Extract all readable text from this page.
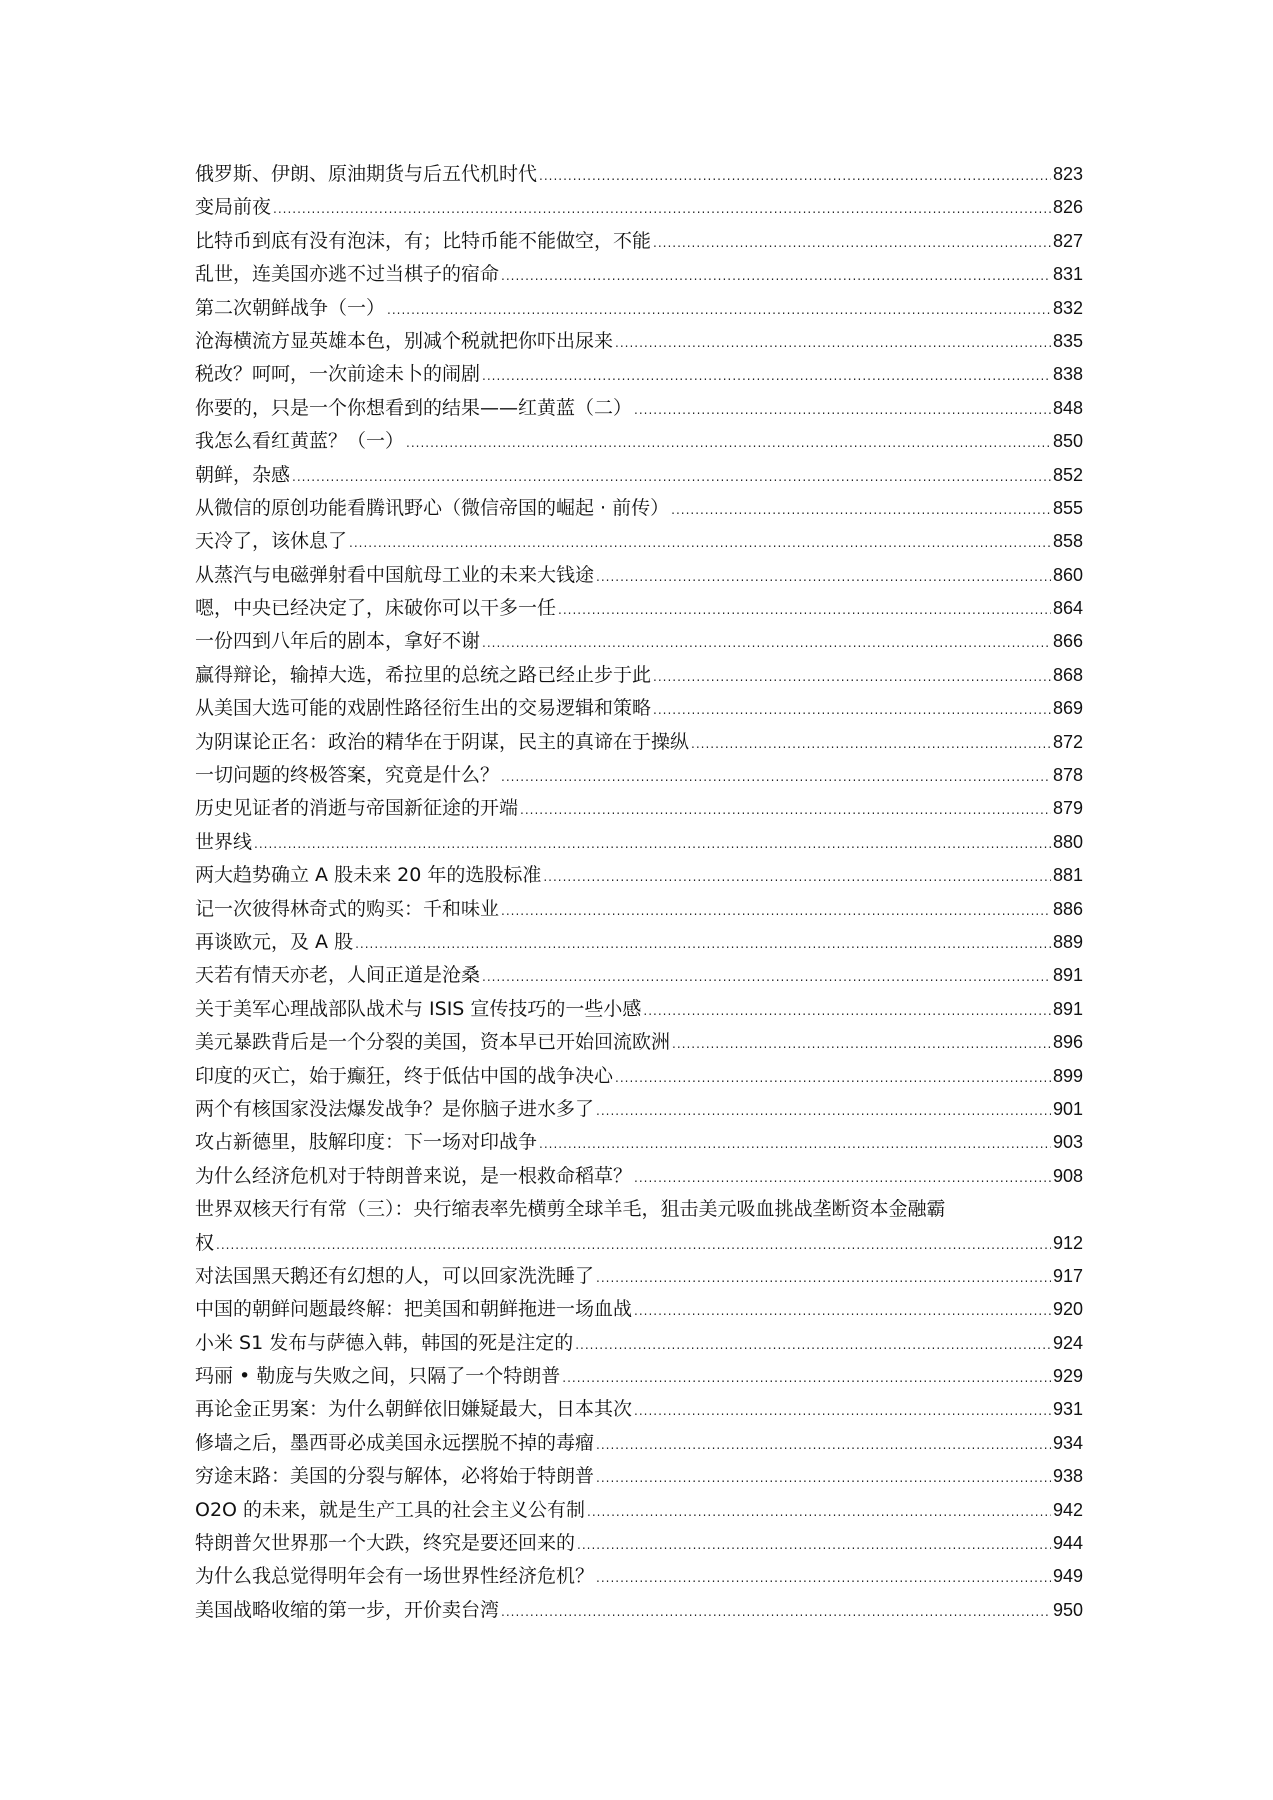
俄罗斯、伊朗、原油期货与后五代机时代 .....	823
变局前夜 .....	826
比特币到底有没有泡沫，有；比特币能不能做空，不能 .....	827
乱世，连美国亦逃不过当棋子的宿命 .....	831
第二次朝鲜战争（一） .....	832
沧海横流方显英雄本色，别减个税就把你吓出尿来 .....	835
税改？呵呵，一次前途未卜的闹剧 .....	838
你要的，只是一个你想看到的结果——红黄蓝（二） .....	848
我怎么看红黄蓝？（一） .....	850
朝鲜，杂感 .....	852
从微信的原创功能看腾讯野心（微信帝国的崛起 · 前传） .....	855
天冷了，该休息了 .....	858
从蒸汽与电磁弹射看中国航母工业的未来大钱途 .....	860
嗯，中央已经决定了，床破你可以干多一任 .....	864
一份四到八年后的剧本，拿好不谢 .....	866
赢得辩论，输掉大选，希拉里的总统之路已经止步于此 .....	868
从美国大选可能的戏剧性路径衍生出的交易逻辑和策略 .....	869
为阴谋论正名：政治的精华在于阴谋，民主的真谛在于操纵 .....	872
一切问题的终极答案，究竟是什么？ .....	878
历史见证者的消逝与帝国新征途的开端 .....	879
世界线 .....	880
两大趋势确立 A 股未来 20 年的选股标准 .....	881
记一次彼得林奇式的购买：千和味业 .....	886
再谈欧元，及 A 股 .....	889
天若有情天亦老，人间正道是沧桑 .....	891
关于美军心理战部队战术与 ISIS 宣传技巧的一些小感 .....	891
美元暴跌背后是一个分裂的美国，资本早已开始回流欧洲 .....	896
印度的灭亡，始于癫狂，终于低估中国的战争决心 .....	899
两个有核国家没法爆发战争？是你脑子进水多了 .....	901
攻占新德里，肢解印度：下一场对印战争 .....	903
为什么经济危机对于特朗普来说，是一根救命稻草？ .....	908
世界双核天行有常（三）：央行缩表率先横剪全球羊毛，狙击美元吸血挑战垄断资本金融霸
权 .....	912
对法国黑天鹅还有幻想的人，可以回家洗洗睡了 .....	917
中国的朝鲜问题最终解：把美国和朝鲜拖进一场血战 .....	920
小米 S1 发布与萨德入韩，韩国的死是注定的 .....	924
玛丽 • 勒庞与失败之间，只隔了一个特朗普 .....	929
再论金正男案：为什么朝鲜依旧嫌疑最大，日本其次 .....	931
修墙之后，墨西哥必成美国永远摆脱不掉的毒瘤 .....	934
穷途末路：美国的分裂与解体，必将始于特朗普 .....	938
O2O 的未来，就是生产工具的社会主义公有制 .....	942
特朗普欠世界那一个大跌，终究是要还回来的 .....	944
为什么我总觉得明年会有一场世界性经济危机？ .....	949
美国战略收缩的第一步，开价卖台湾 .....	950
